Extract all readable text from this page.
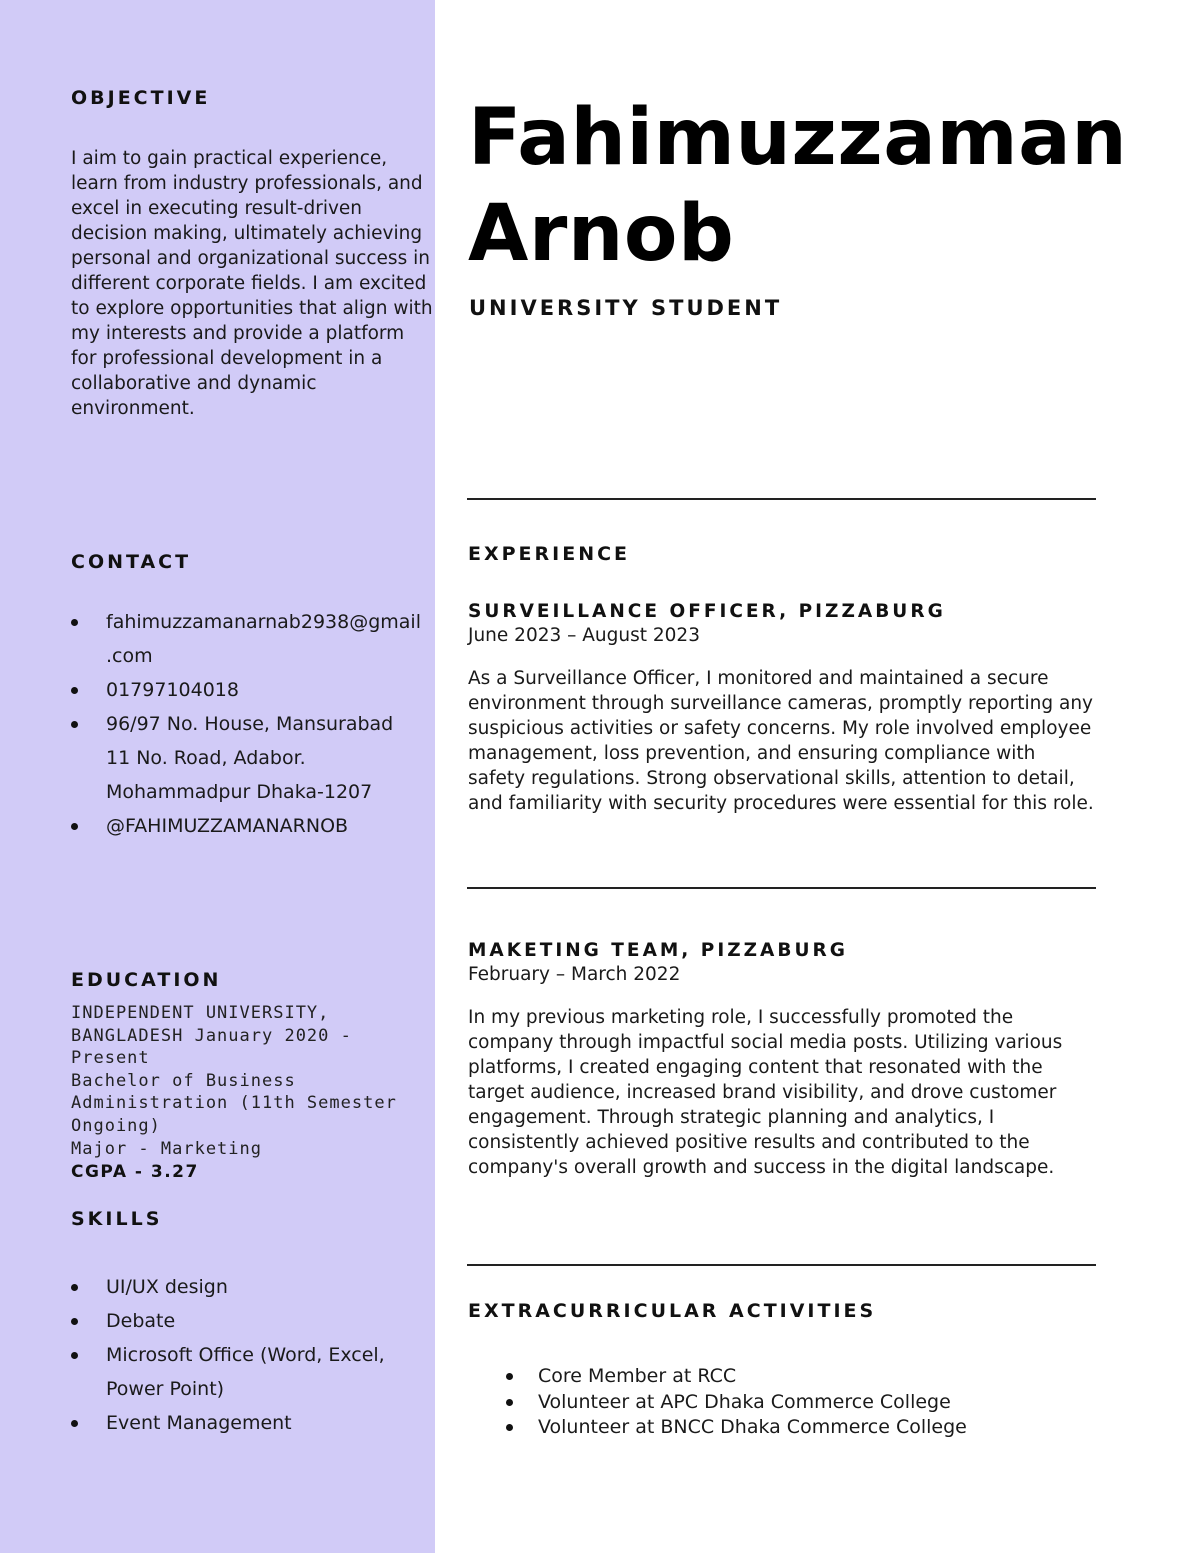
OBJECTIVE

I aim to gain practical experience, learn from industry professionals, and excel in executing result-driven decision making, ultimately achieving personal and organizational success in different corporate fields. I am excited to explore opportunities that align with my interests and provide a platform for professional development in a collaborative and dynamic environment.

CONTACT
fahimuzzamanarnab2938@gmail
.com
01797104018
96/97 No. House, Mansurabad
11 No. Road, Adabor.
Mohammadpur Dhaka-1207
@FAHIMUZZAMANARNOB
EDUCATION
INDEPENDENT UNIVERSITY,
BANGLADESH January 2020 -
Present
Bachelor of Business
Administration (11th Semester
Ongoing)
Major - Marketing
CGPA - 3.27
SKILLS
UI/UX design
Debate
Microsoft Office (Word, Excel,
Power Point)
Event Management
Fahimuzzaman
Arnob
UNIVERSITY STUDENT
EXPERIENCE
SURVEILLANCE OFFICER, PIZZABURG

June 2023 – August 2023

As a Surveillance Officer, I monitored and maintained a secure environment through surveillance cameras, promptly reporting any suspicious activities or safety concerns. My role involved employee management, loss prevention, and ensuring compliance with safety regulations. Strong observational skills, attention to detail, and familiarity with security procedures were essential for this role.

MAKETING TEAM, PIZZABURG

February – March 2022

In my previous marketing role, I successfully promoted the company through impactful social media posts. Utilizing various platforms, I created engaging content that resonated with the target audience, increased brand visibility, and drove customer engagement. Through strategic planning and analytics, I consistently achieved positive results and contributed to the company's overall growth and success in the digital landscape.

EXTRACURRICULAR ACTIVITIES
Core Member at RCC
Volunteer at APC Dhaka Commerce College
Volunteer at BNCC Dhaka Commerce College
